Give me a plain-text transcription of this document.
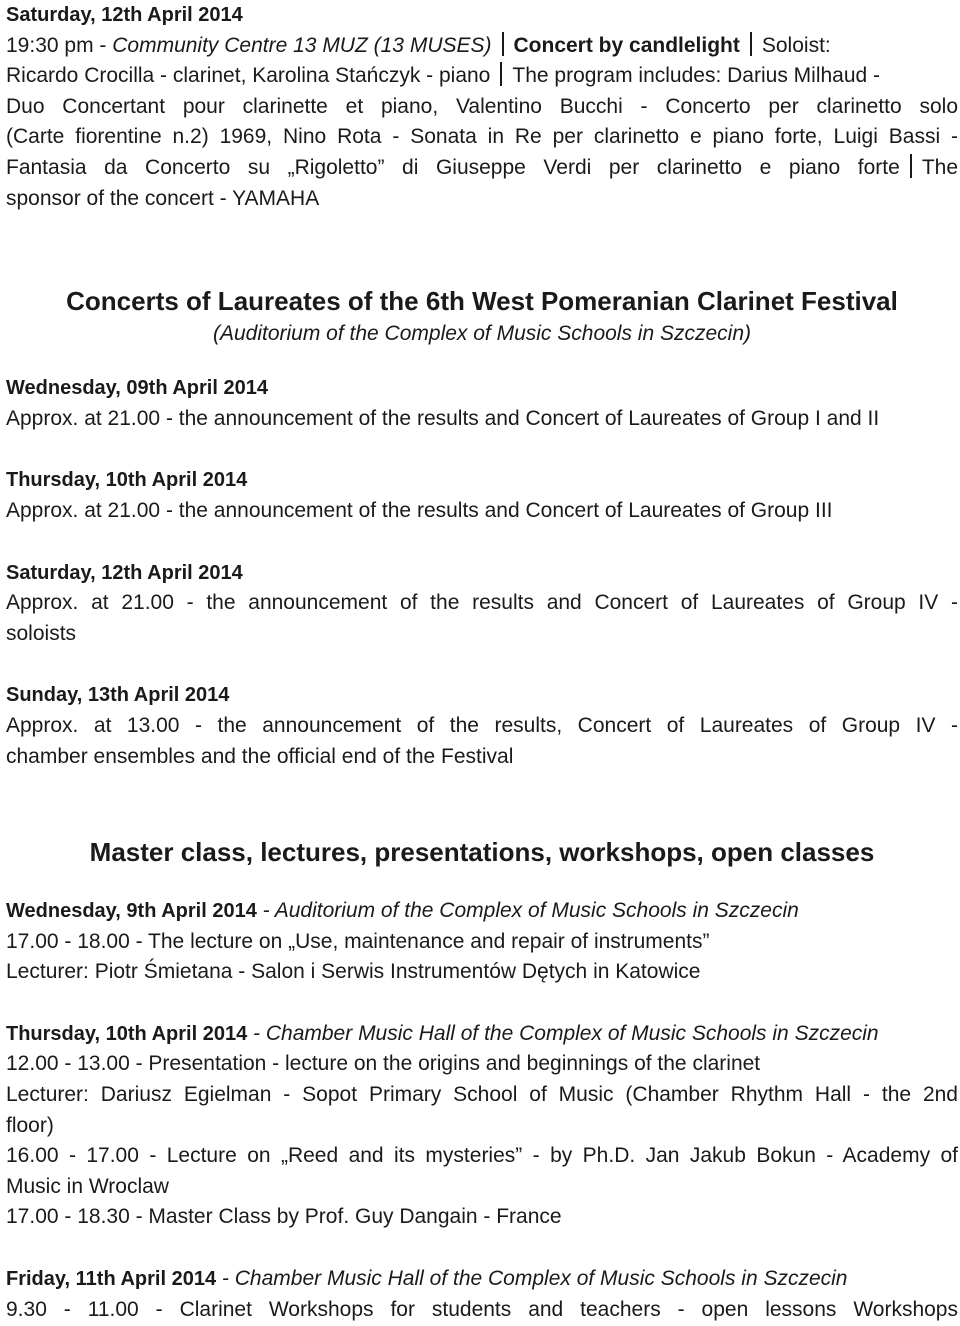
Saturday, 12th April 2014
19:30 pm - Community Centre 13 MUZ (13 MUSES) Concert by candlelight Soloist:
Ricardo Crocilla - clarinet, Karolina Stańczyk - piano The program includes: Darius Milhaud -
Duo Concertant pour clarinette et piano, Valentino Bucchi - Concerto per clarinetto solo
(Carte fiorentine n.2) 1969, Nino Rota - Sonata in Re per clarinetto e piano forte, Luigi Bassi -
Fantasia da Concerto su „Rigoletto” di Giuseppe Verdi per clarinetto e piano forte The
sponsor of the concert - YAMAHA
Concerts of Laureates of the 6th West Pomeranian Clarinet Festival
(Auditorium of the Complex of Music Schools in Szczecin)
Wednesday, 09th April 2014
Approx. at 21.00 - the announcement of the results and Concert of Laureates of Group I and II
Thursday, 10th April 2014
Approx. at 21.00 - the announcement of the results and Concert of Laureates of Group III
Saturday, 12th April 2014
Approx. at 21.00 - the announcement of the results and Concert of Laureates of Group IV -
soloists
Sunday, 13th April 2014
Approx. at 13.00 - the announcement of the results, Concert of Laureates of Group IV -
chamber ensembles and the official end of the Festival
Master class, lectures, presentations, workshops, open classes
Wednesday, 9th April 2014 - Auditorium of the Complex of Music Schools in Szczecin
17.00 - 18.00 - The lecture on „Use, maintenance and repair of instruments”
Lecturer: Piotr Śmietana - Salon i Serwis Instrumentów Dętych in Katowice
Thursday, 10th April 2014 - Chamber Music Hall of the Complex of Music Schools in Szczecin
12.00 - 13.00 - Presentation - lecture on the origins and beginnings of the clarinet
Lecturer: Dariusz Egielman - Sopot Primary School of Music (Chamber Rhythm Hall - the 2nd
floor)
16.00 - 17.00 - Lecture on „Reed and its mysteries” - by Ph.D. Jan Jakub Bokun - Academy of
Music in Wroclaw
17.00 - 18.30 - Master Class by Prof. Guy Dangain - France
Friday, 11th April 2014 - Chamber Music Hall of the Complex of Music Schools in Szczecin
9.30 - 11.00 - Clarinet Workshops for students and teachers - open lessons Workshops
